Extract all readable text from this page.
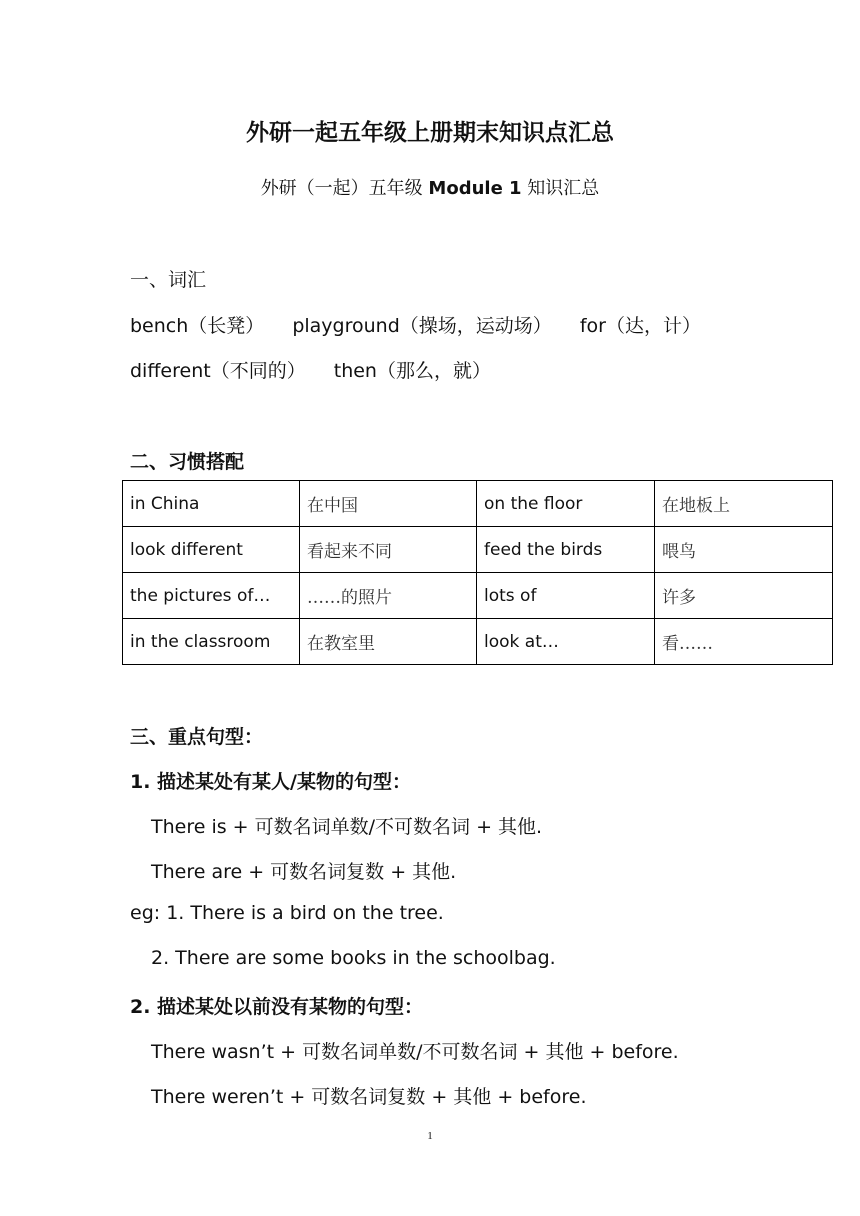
外研一起五年级上册期末知识点汇总
外研（一起）五年级 Module 1 知识汇总
一、词汇
bench（长凳） playground（操场，运动场） for（达，计）
different（不同的） then（那么，就）
二、习惯搭配
in China	在中国	on the floor	在地板上
look different	看起来不同	feed the birds	喂鸟
the pictures of…	……的照片	lots of	许多
in the classroom	在教室里	look at…	看……
三、重点句型：
1. 描述某处有某人/某物的句型：
There is + 可数名词单数/不可数名词 + 其他.
There are + 可数名词复数 + 其他.
eg: 1. There is a bird on the tree.
2. There are some books in the schoolbag.
2. 描述某处以前没有某物的句型：
There wasn’t + 可数名词单数/不可数名词 + 其他 + before.
There weren’t + 可数名词复数 + 其他 + before.
1
